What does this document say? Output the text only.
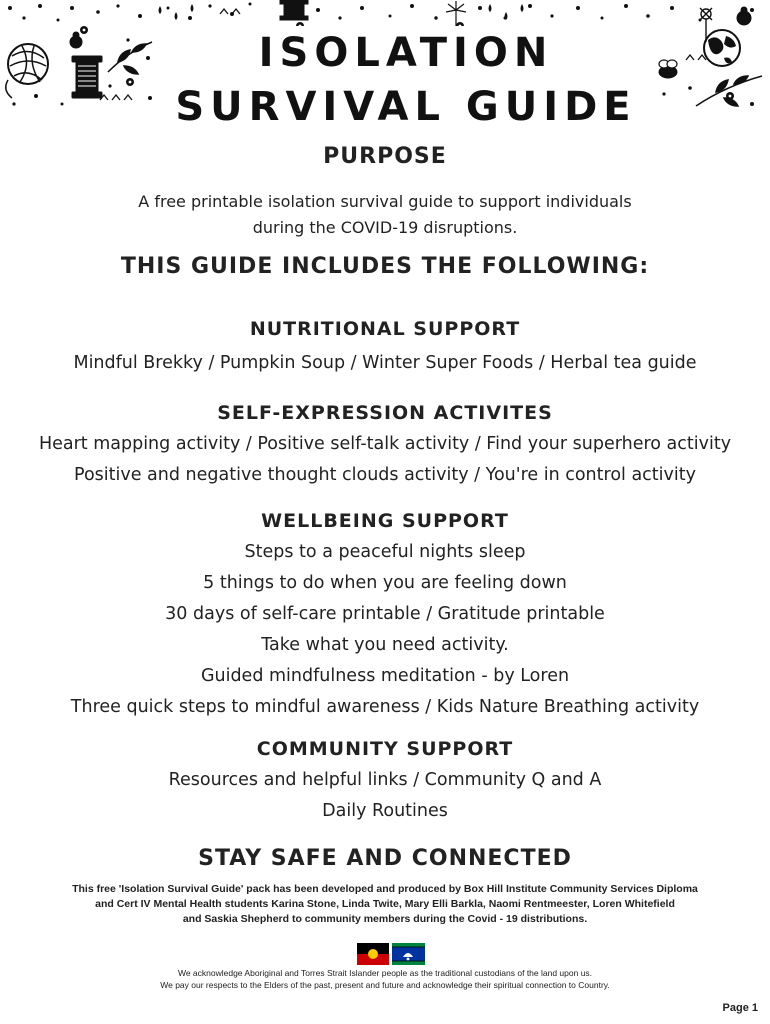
ISOLATION SURVIVAL GUIDE
PURPOSE
A free printable isolation survival guide to support individuals
during the COVID-19 disruptions.
THIS GUIDE INCLUDES THE FOLLOWING:
NUTRITIONAL SUPPORT
Mindful Brekky / Pumpkin Soup / Winter Super Foods / Herbal tea guide
SELF-EXPRESSION ACTIVITES
Heart mapping activity / Positive self-talk activity / Find your superhero activity
Positive and negative thought clouds activity / You're in control activity
WELLBEING SUPPORT
Steps to a peaceful nights sleep
5 things to do when you are feeling down
30 days of self-care printable / Gratitude printable
Take what you need activity.
Guided mindfulness meditation - by Loren
Three quick steps to mindful awareness / Kids Nature Breathing activity
COMMUNITY SUPPORT
Resources and helpful links / Community Q and A
Daily Routines
STAY SAFE AND CONNECTED
This free 'Isolation Survival Guide' pack has been developed and produced by Box Hill Institute Community Services Diploma
and Cert IV Mental Health students Karina Stone, Linda Twite, Mary Elli Barkla, Naomi Rentmeester, Loren Whitefield
and Saskia Shepherd to community members during the Covid - 19 distributions.
We acknowledge Aboriginal and Torres Strait Islander people as the traditional custodians of the land upon us.
We pay our respects to the Elders of the past, present and future and acknowledge their spiritual connection to Country.
Page 1
